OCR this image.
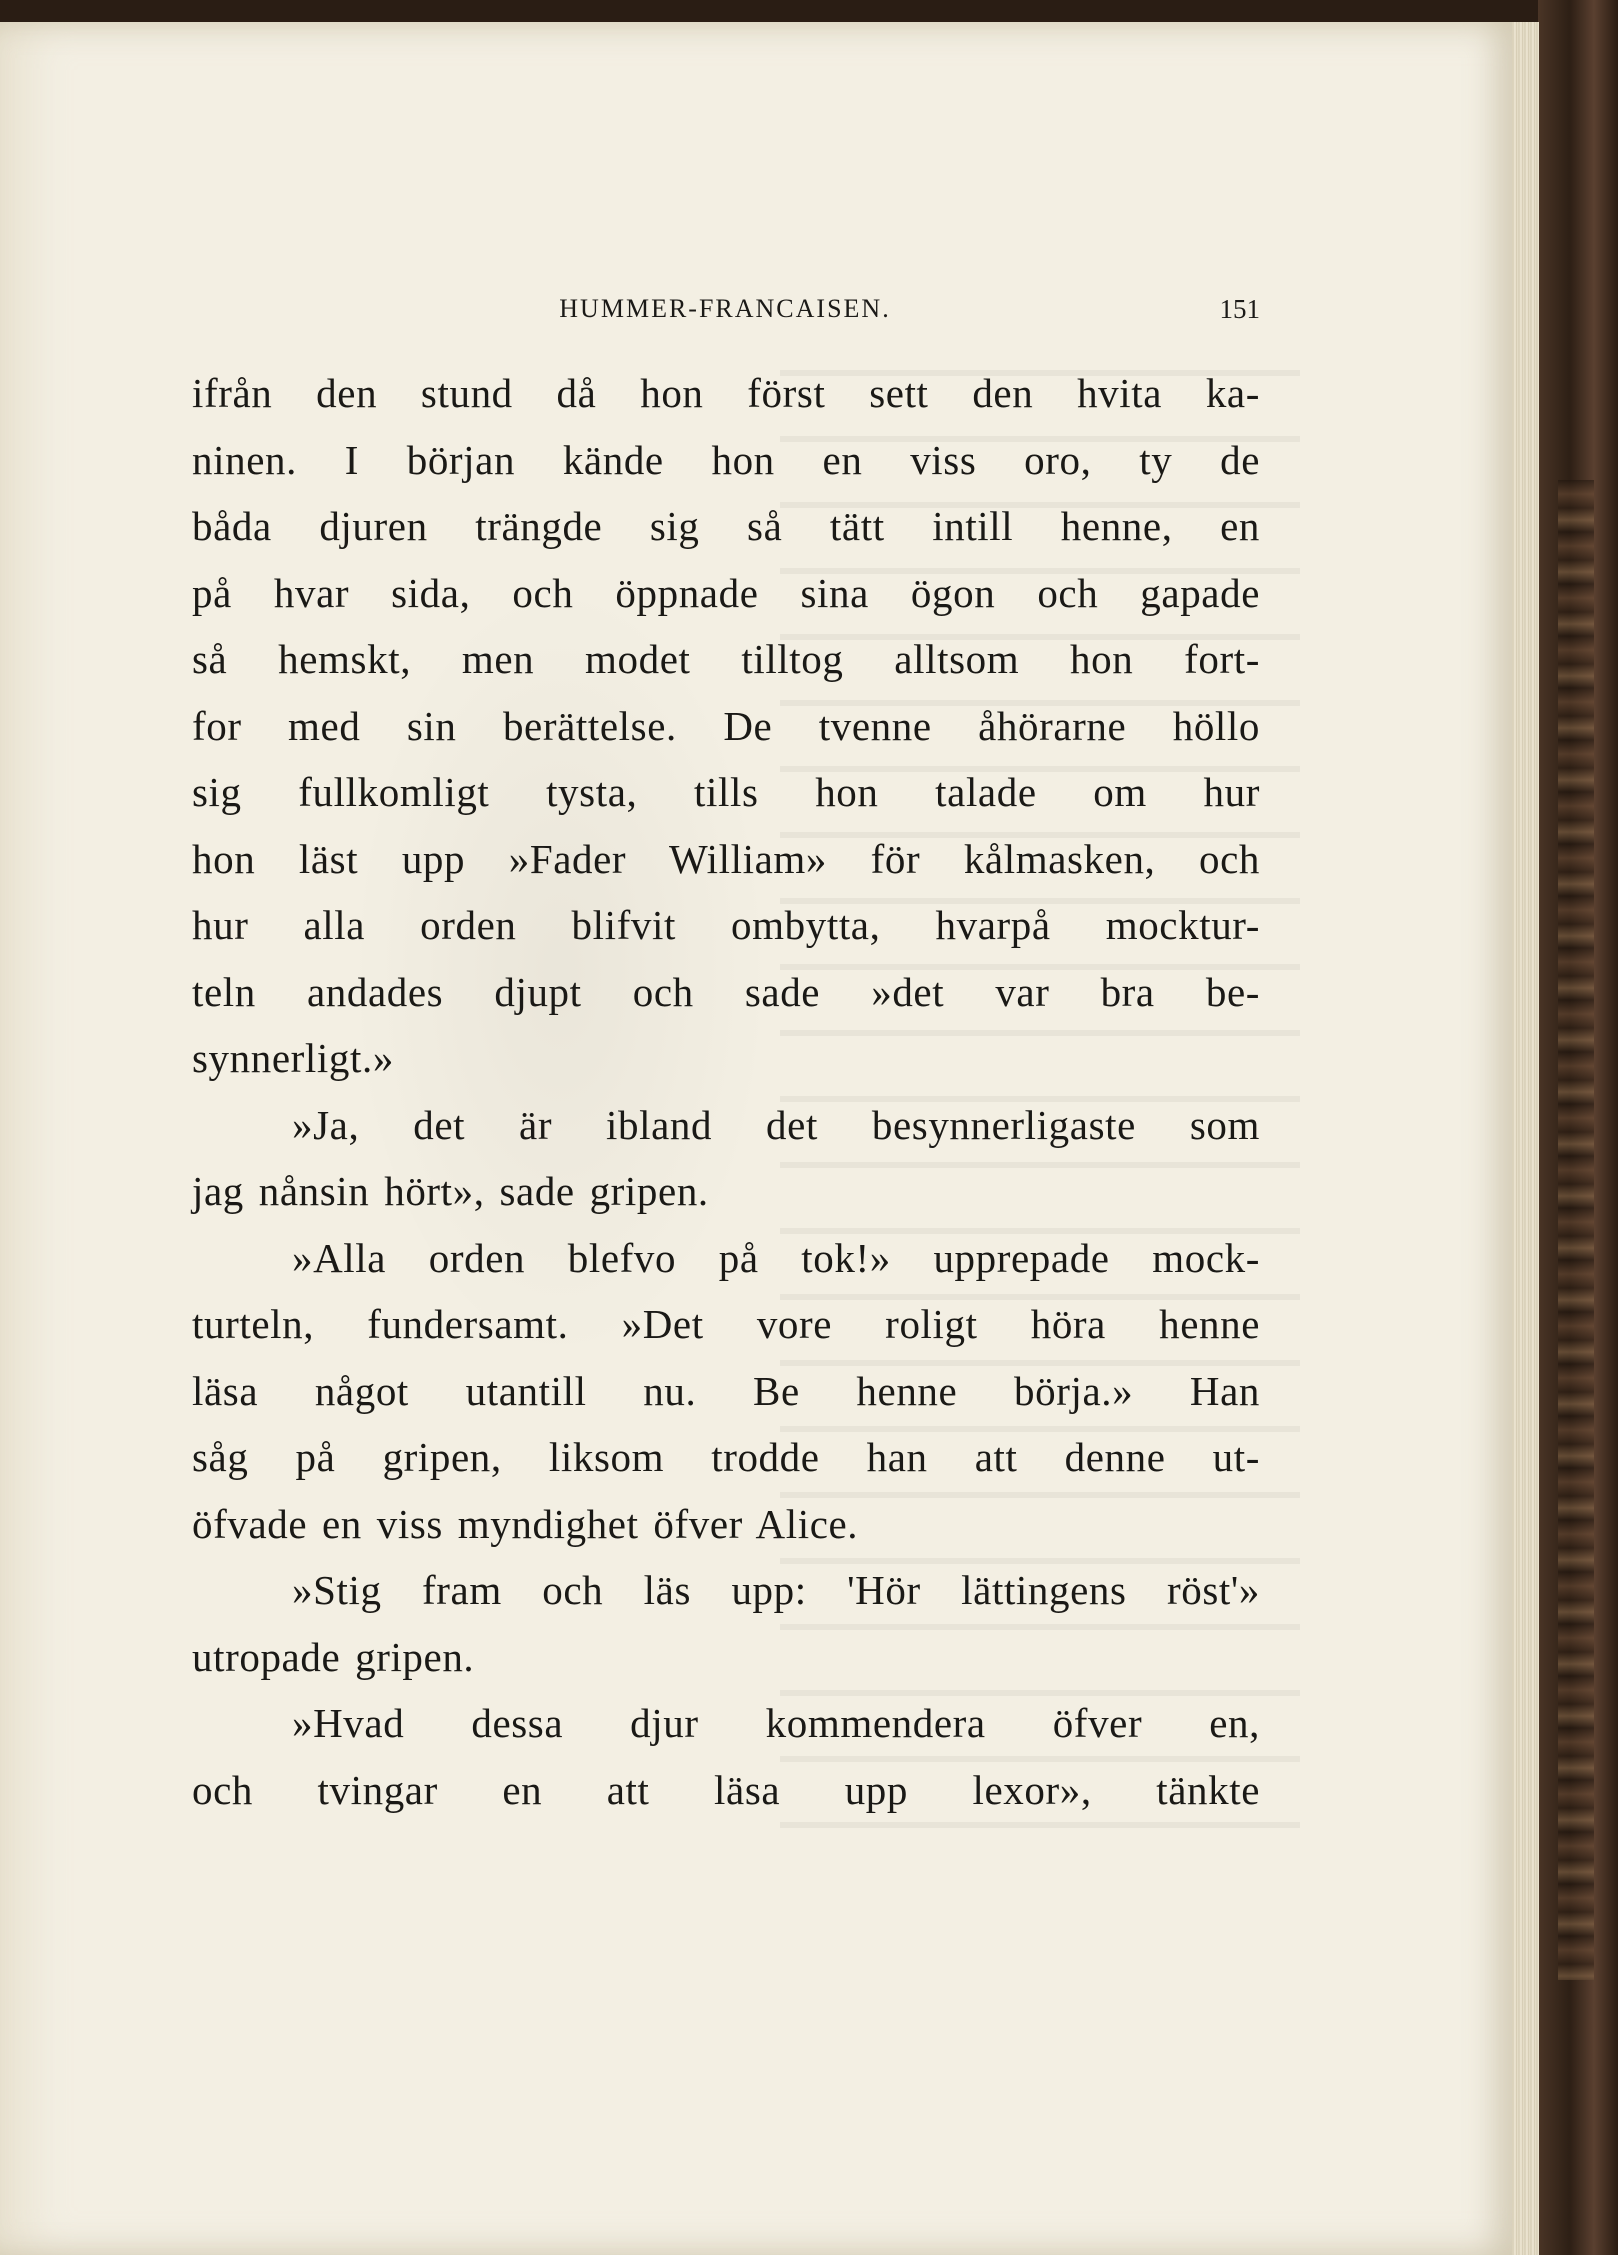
HUMMER-FRANCAISEN.	151
ifrån den stund då hon först sett den hvita ka-
ninen. I början kände hon en viss oro, ty de
båda djuren trängde sig så tätt intill henne, en
på hvar sida, och öppnade sina ögon och gapade
så hemskt, men modet tilltog alltsom hon fort-
for med sin berättelse. De tvenne åhörarne höllo
sig fullkomligt tysta, tills hon talade om hur
hon läst upp »Fader William» för kålmasken, och
hur alla orden blifvit ombytta, hvarpå mocktur-
teln andades djupt och sade »det var bra be-
synnerligt.»
»Ja, det är ibland det besynnerligaste som
jag nånsin hört», sade gripen.
»Alla orden blefvo på tok!» upprepade mock-
turteln, fundersamt. »Det vore roligt höra henne
läsa något utantill nu. Be henne börja.» Han
såg på gripen, liksom trodde han att denne ut-
öfvade en viss myndighet öfver Alice.
»Stig fram och läs upp: 'Hör lättingens röst'»
utropade gripen.
»Hvad dessa djur kommendera öfver en,
och tvingar en att läsa upp lexor», tänkte
